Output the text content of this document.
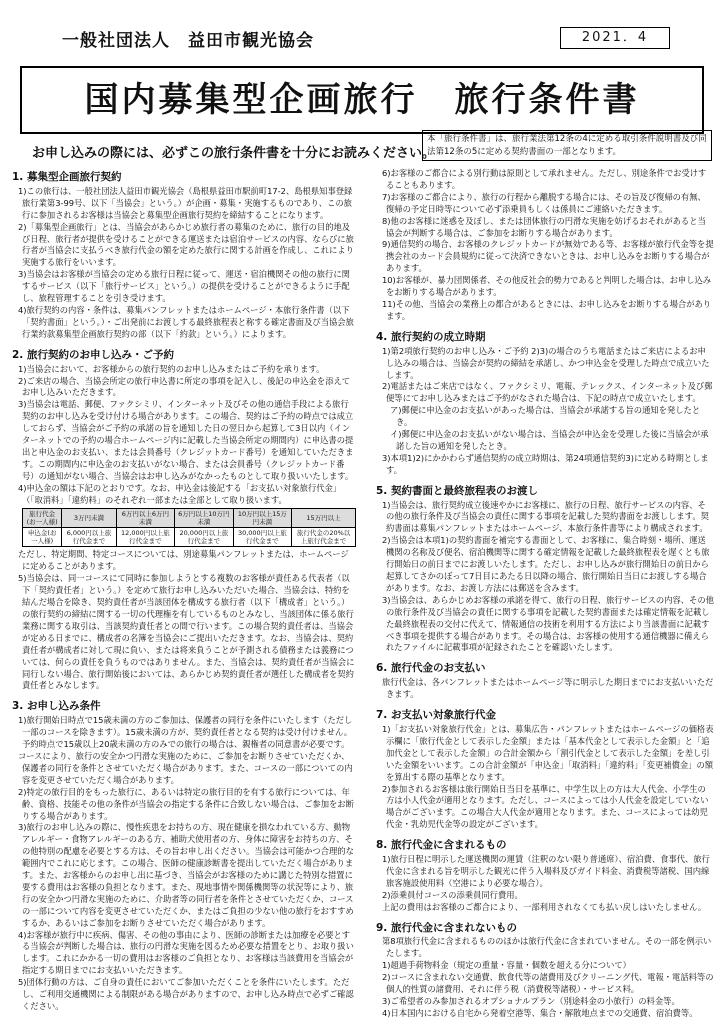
一般社団法人　益田市観光協会	2021．4
国内募集型企画旅行　旅行条件書
お申し込みの際には、必ずこの旅行条件書を十分にお読みください。
本「旅行条件書」は、旅行業法第12条の4に定める取引条件説明書及び同法第12条の5に定める契約書面の一部となります。
1. 募集型企画旅行契約
1)この旅行は、一般社団法人益田市観光協会（島根県益田市駅前町17-2、島根県知事登録旅行業第3-99号、以下「当協会」という。）が企画・募集・実施するものであり、この旅行に参加されるお客様は当協会と募集型企画旅行契約を締結することになります。
2)「募集型企画旅行」とは、当協会があらかじめ旅行者の募集のために、旅行の目的地及び日程、旅行者が提供を受けることができる運送または宿泊サービスの内容、ならびに旅行者が当協会に支払うべき旅行代金の額を定めた旅行に関する計画を作成し、これにより実施する旅行をいいます。
3)当協会はお客様が当協会の定める旅行日程に従って、運送・宿泊機関その他の旅行に関するサービス（以下「旅行サービス」という。）の提供を受けることができるように手配し、旅程管理することを引き受けます。
4)旅行契約の内容・条件は、募集パンフレットまたはホームページ・本旅行条件書（以下「契約書面」という。）・ご出発前にお渡しする最終旅程表と称する確定書面及び当協会旅行業約款募集型企画旅行契約の部（以下「約款」という。）によります。
2. 旅行契約のお申し込み・ご予約
1)当協会において、お客様からの旅行契約のお申し込みまたはご予約を承ります。
2)ご来店の場合、当協会所定の旅行申込書に所定の事項を記入し、後記の申込金を添えてお申し込みいただきます。
3)当協会は電話、郵便、ファクシミリ、インターネット及びその他の通信手段による旅行契約のお申し込みを受け付ける場合があります。この場合、契約はご予約の時点では成立しておらず、当協会がご予約の承諾の旨を通知した日の翌日から起算して3日以内（インターネットでの予約の場合ホームページ内に記載した当協会所定の期間内）に申込書の提出と申込金のお支払い、または会員番号（クレジットカード番号）を通知していただきます。この期間内に申込金のお支払いがない場合、または会員番号（クレジットカード番号）の通知がない場合、当協会はお申し込みがなかったものとして取り扱いいたします。
4)申込金の額は下記のとおりです。なお、申込金は後記する「お支払い対象旅行代金」（「取消料」「違約料」のそれぞれ一部または全部として取り扱います。
旅行代金(お一人様)	3万円未満	6万円以上6万円未満	6万円以上10万円未満	10万円以上15万円未満	15万円以上
申込金(お一人様)	6,000円以上旅行代金まで	12,000円以上旅行代金まで	20,000円以上旅行代金まで	30,000円以上旅行代金まで	旅行代金の20%以上旅行代金まで
ただし、特定期間、特定コースについては、別途募集パンフレットまたは、ホームページに定めることがあります。
5)当協会は、同一コースにて同時に参加しようとする複数のお客様が責任ある代表者（以下「契約責任者」という。）を定めて旅行お申し込みいただいた場合、当協会は、特約を結んだ場合を除き、契約責任者が当該団体を構成する旅行者（以下「構成者」という。）の旅行契約の締結に関する一切の代理権を有しているものとみなし、当該団体に係る旅行業務に関する取引は、当該契約責任者との間で行います。この場合契約責任者は、当協会が定める日までに、構成者の名簿を当協会にご提出いただきます。なお、当協会は、契約責任者が構成者に対して現に負い、または将来負うことが予測される債務または義務については、何らの責任を負うものではありません。また、当協会は、契約責任者が当協会に同行しない場合、旅行開始後においては、あらかじめ契約責任者が選任した構成者を契約責任者とみなします。
3. お申し込み条件
1)旅行開始日時点で15歳未満の方のご参加は、保護者の同行を条件にいたします（ただし一部のコースを除きます）。15歳未満の方が、契約責任者となる契約は受け付けません。予約時点で15歳以上20歳未満の方のみでの旅行の場合は、親権者の同意書が必要です。
コースにより、旅行の安全かつ円滑な実施のために、ご参加をお断りさせていただくか、保護者の同行を条件とさせていただく場合があります。また、コースの一部についての内容を変更させていただく場合があります。
2)特定の旅行目的をもった旅行に、あるいは特定の旅行目的を有する旅行については、年齢、資格、技能その他の条件が当協会の指定する条件に合致しない場合は、ご参加をお断りする場合があります。
3)旅行のお申し込みの際に、慢性疾患をお持ちの方、現在健康を損なわれている方、動物アレルギー・食物アレルギーのある方、補助犬使用者の方、身体に障害をお持ちの方、その他特別の配慮を必要とする方は、その旨お申し出ください。当協会は可能かつ合理的な範囲内でこれに応じます。この場合、医師の健康診断書を提出していただく場合があります。また、お客様からのお申し出に基づき、当協会がお客様のために講じた特別な措置に要する費用はお客様の負担となります。また、現地事情や関係機関等の状況等により、旅行の安全かつ円滑な実施のために、介助者等の同行者を条件とさせていただくか、コースの一部について内容を変更させていただくか、またはご負担の少ない他の旅行をおすすめするか、あるいはご参加をお断りさせていただく場合があります。
4)お客様が旅行中に疾病、傷害、その他の事由により、医師の診断または加療を必要とする当協会が判断した場合は、旅行の円滑な実施を図るため必要な措置をとり、お取り扱いします。これにかかる一切の費用はお客様のご負担となり、お客様は当該費用を当協会が指定する期日までにお支払いいただきます。
5)団体行動の方は、ご自身の責任においてご参加いただくことを条件にいたします。ただし、ご利用交通機関による制限がある場合がありますので、お申し込み時点で必ずご確認ください。
6)お客様のご都合による別行動は原則として承れません。ただし、別途条件でお受けすることもあります。
7)お客様のご都合により、旅行の行程から離脱する場合には、その旨及び復帰の有無、復帰の予定日時等について必ず添乗員もしくは係員にご連絡いただきます。
8)他のお客様に迷惑を及ぼし、または団体旅行の円滑な実施を妨げるおそれがあると当協会が判断する場合は、ご参加をお断りする場合があります。
9)通信契約の場合、お客様のクレジットカードが無効である等、お客様が旅行代金等を提携会社のカード会員規約に従って決済できないときは、お申し込みをお断りする場合があります。
10)お客様が、暴力団関係者、その他反社会的勢力であると判明した場合は、お申し込みをお断りする場合があります。
11)その他、当協会の業務上の都合があるときには、お申し込みをお断りする場合があります。
4. 旅行契約の成立時期
1)第2項旅行契約のお申し込み・ご予約 2)3)の場合のうち電話またはご来店によるお申し込みの場合は、当協会が契約の締結を承諾し、かつ申込金を受理した時点で成立いたします。
2)電話またはご来店ではなく、ファクシミリ、電報、テレックス、インターネット及び郵便等にてお申し込みまたはご予約がなされた場合は、下記の時点で成立いたします。
ア)郵便に申込金のお支払いがあった場合は、当協会が承諾する旨の通知を発したとき。
イ)郵便に申込金のお支払いがない場合は、当協会が申込金を受理した後に当協会が承諾した旨の通知を発したとき。
3)本項1)2)にかかわらず通信契約の成立時期は、第24項通信契約3)に定める時期とします。
5. 契約書面と最終旅程表のお渡し
1)当協会は、旅行契約成立後速やかにお客様に、旅行の日程、旅行サービスの内容、その他の旅行条件及び当協会の責任に関する事項を記載した契約書面をお渡しします。契約書面は募集パンフレットまたはホームページ、本旅行条件書等により構成されます。
2)当協会は本項1)の契約書面を補完する書面として、お客様に、集合時刻・場所、運送機関の名称及び便名、宿泊機関等に関する確定情報を記載した最終旅程表を遅くとも旅行開始日の前日までにお渡しいたします。ただし、お申し込みが旅行開始日の前日から起算してさかのぼって7日目にあたる日以降の場合、旅行開始日当日にお渡しする場合があります。なお、お渡し方法には郵送を含みます。
3)当協会は、あらかじめお客様の承諾を得て、旅行の日程、旅行サービスの内容、その他の旅行条件及び当協会の責任に関する事項を記載した契約書面または確定情報を記載した最終旅程表の交付に代えて、情報通信の技術を利用する方法により当該書面に記載すべき事項を提供する場合があります。その場合は、お客様の使用する通信機器に備えられたファイルに記載事項が記録されたことを確認いたします。
6. 旅行代金のお支払い
旅行代金は、各パンフレットまたはホームページ等に明示した期日までにお支払いいただきます。
7. お支払い対象旅行代金
1)「お支払い対象旅行代金」とは、募集広告・パンフレットまたはホームページの価格表示欄に「旅行代金として表示した金額」または「基本代金として表示した金額」と「追加代金として表示した金額」の合計金額から「割引代金として表示した金額」を差し引いた金額をいいます。この合計金額が「申込金」「取消料」「違約料」「変更補償金」の額を算出する際の基準となります。
2)参加されるお客様は旅行開始日当日を基準に、中学生以上の方は大人代金、小学生の方は小人代金が適用となります。ただし、コースによっては小人代金を設定していない場合がございます。この場合大人代金が適用となります。また、コースによっては幼児代金・乳幼児代金等の設定がございます。
8. 旅行代金に含まれるもの
1)旅行日程に明示した運送機関の運賃（注釈のない限り普通席）、宿泊費、食事代、旅行代金に含まれる旨を明示した観光に伴う入場料及びガイド料金、消費税等諸税、国内線旅客施設使用料（空港により必要な場合）。
2)添乗員付コースの添乗員同行費用。
上記の費用はお客様のご都合により、一部利用されなくても払い戻しはいたしません。
9. 旅行代金に含まれないもの
第8項旅行代金に含まれるもののほかは旅行代金に含まれていません。その一部を例示いたします。
1)超過手荷物料金（規定の重量・容量・個数を超える分について）
2)コースに含まれない交通費、飲食代等の諸費用及びクリーニング代、電報・電話料等の個人的性質の諸費用、それに伴う税（消費税等諸税）・サービス料。
3)ご希望者のみ参加されるオプショナルプラン（別途料金の小旅行）の料金等。
4)日本国内における自宅から発着空港等、集合・解散地点までの交通費、宿泊費等。
